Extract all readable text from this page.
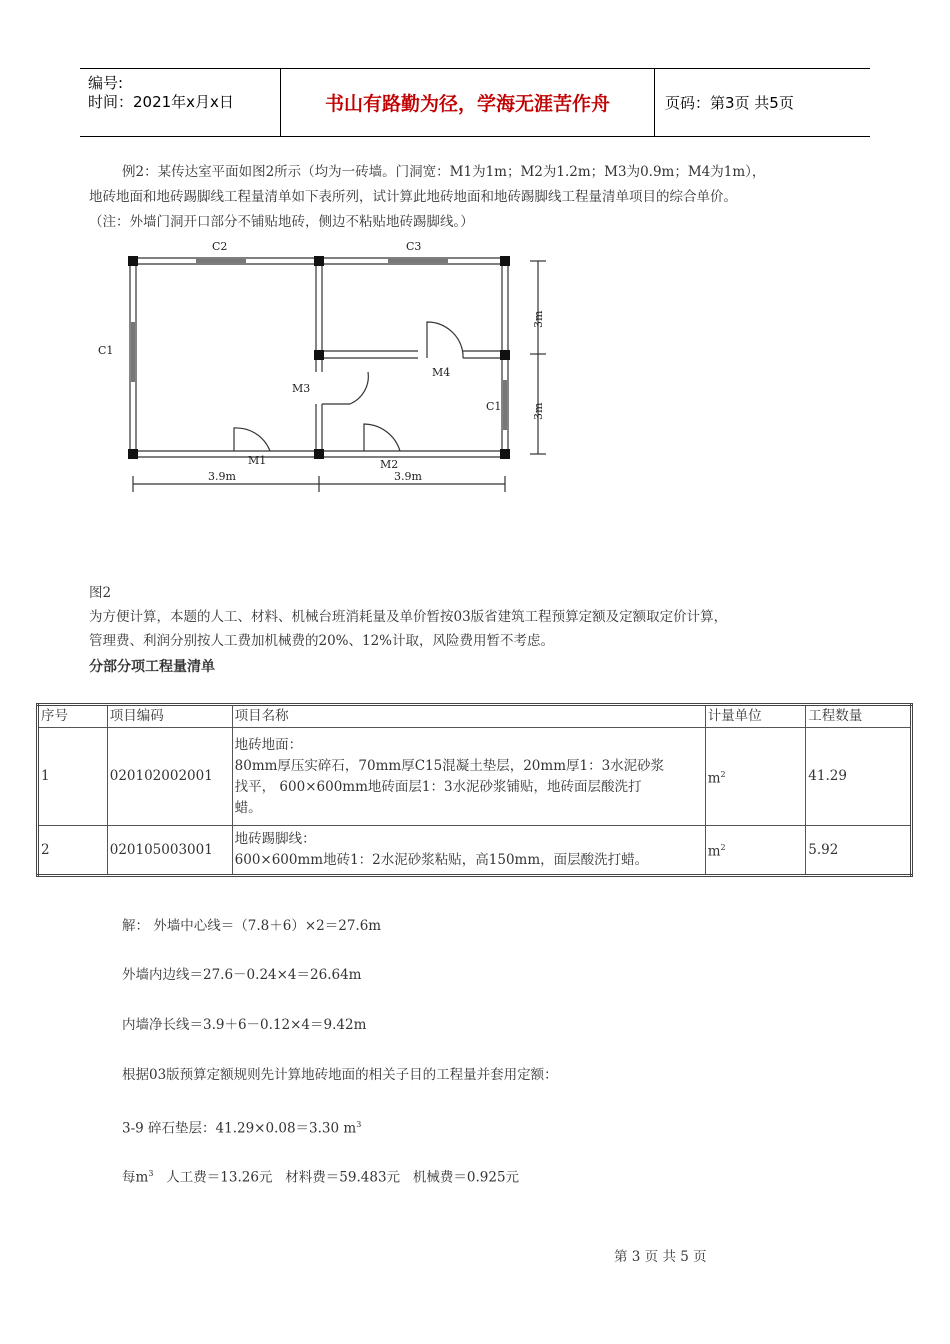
编号:
时间：2021年x月x日	书山有路勤为径，学海无涯苦作舟	页码：第3页 共5页
例2：某传达室平面如图2所示（均为一砖墙。门洞宽：M1为1m；M2为1.2m；M3为0.9m；M4为1m），
地砖地面和地砖踢脚线工程量清单如下表所列，试计算此地砖地面和地砖踢脚线工程量清单项目的综合单价。
（注：外墙门洞开口部分不铺贴地砖，侧边不粘贴地砖踢脚线。）
C2	C3
C1
C1
M1	M2
M3
M4
3.9m	3.9m
3m
3m
图2
为方便计算，本题的人工、材料、机械台班消耗量及单价暂按03版省建筑工程预算定额及定额取定价计算，
管理费、利润分别按人工费加机械费的20%、12%计取，风险费用暂不考虑。
分部分项工程量清单
序号	项目编码	项目名称	计量单位	工程数量
1	020102002001	地砖地面：
80mm厚压实碎石，70mm厚C15混凝土垫层，20mm厚1：3水泥砂浆
找平， 600×600mm地砖面层1：3水泥砂浆铺贴，地砖面层酸洗打
蜡。	$m^2$	41.29
2	020105003001	地砖踢脚线：
600×600mm地砖1：2水泥砂浆粘贴，高150mm，面层酸洗打蜡。	$m^2$	5.92
解： 外墙中心线＝（7.8＋6）×2＝27.6m
外墙内边线＝27.6－0.24×4＝26.64m
内墙净长线＝3.9＋6－0.12×4＝9.42m
根据03版预算定额规则先计算地砖地面的相关子目的工程量并套用定额：
3-9 碎石垫层：41.29×0.08＝3.30 $m^3$
每$m^3$   人工费＝13.26元   材料费＝59.483元   机械费＝0.925元
第 3 页 共 5 页
